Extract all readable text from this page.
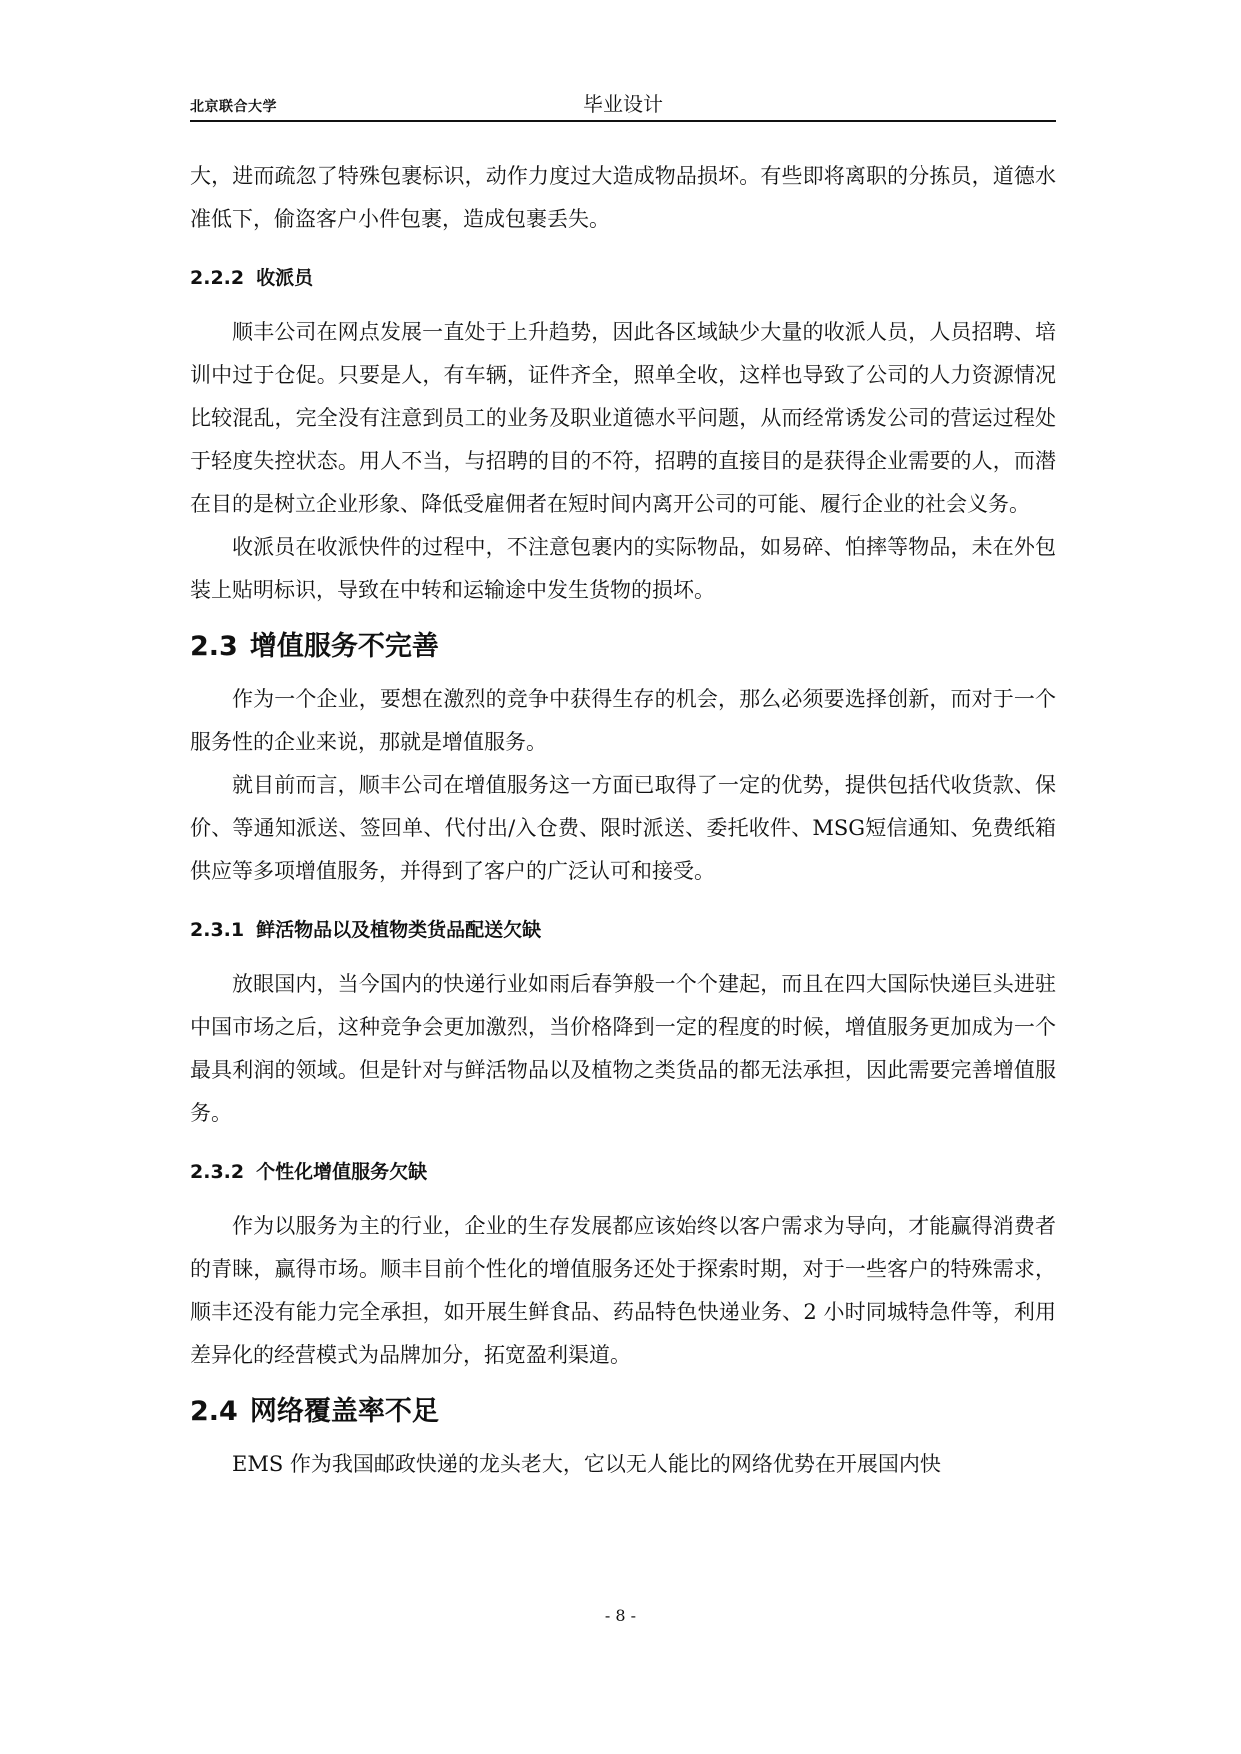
北京联合大学	毕业设计

大，进而疏忽了特殊包裹标识，动作力度过大造成物品损坏。有些即将离职的分拣员，道德水准低下，偷盗客户小件包裹，造成包裹丢失。

2.2.2 收派员

顺丰公司在网点发展一直处于上升趋势，因此各区域缺少大量的收派人员，人员招聘、培训中过于仓促。只要是人，有车辆，证件齐全，照单全收，这样也导致了公司的人力资源情况比较混乱，完全没有注意到员工的业务及职业道德水平问题，从而经常诱发公司的营运过程处于轻度失控状态。用人不当，与招聘的目的不符，招聘的直接目的是获得企业需要的人，而潜在目的是树立企业形象、降低受雇佣者在短时间内离开公司的可能、履行企业的社会义务。

收派员在收派快件的过程中，不注意包裹内的实际物品，如易碎、怕摔等物品，未在外包装上贴明标识，导致在中转和运输途中发生货物的损坏。

2.3 增值服务不完善

作为一个企业，要想在激烈的竞争中获得生存的机会，那么必须要选择创新，而对于一个服务性的企业来说，那就是增值服务。

就目前而言，顺丰公司在增值服务这一方面已取得了一定的优势，提供包括代收货款、保价、等通知派送、签回单、代付出/入仓费、限时派送、委托收件、MSG短信通知、免费纸箱供应等多项增值服务，并得到了客户的广泛认可和接受。

2.3.1 鲜活物品以及植物类货品配送欠缺

放眼国内，当今国内的快递行业如雨后春笋般一个个建起，而且在四大国际快递巨头进驻中国市场之后，这种竞争会更加激烈，当价格降到一定的程度的时候，增值服务更加成为一个最具利润的领域。但是针对与鲜活物品以及植物之类货品的都无法承担，因此需要完善增值服务。

2.3.2 个性化增值服务欠缺

作为以服务为主的行业，企业的生存发展都应该始终以客户需求为导向，才能赢得消费者的青睐，赢得市场。顺丰目前个性化的增值服务还处于探索时期，对于一些客户的特殊需求，顺丰还没有能力完全承担，如开展生鲜食品、药品特色快递业务、2 小时同城特急件等，利用差异化的经营模式为品牌加分，拓宽盈利渠道。

2.4 网络覆盖率不足

EMS 作为我国邮政快递的龙头老大，它以无人能比的网络优势在开展国内快

- 8 -
